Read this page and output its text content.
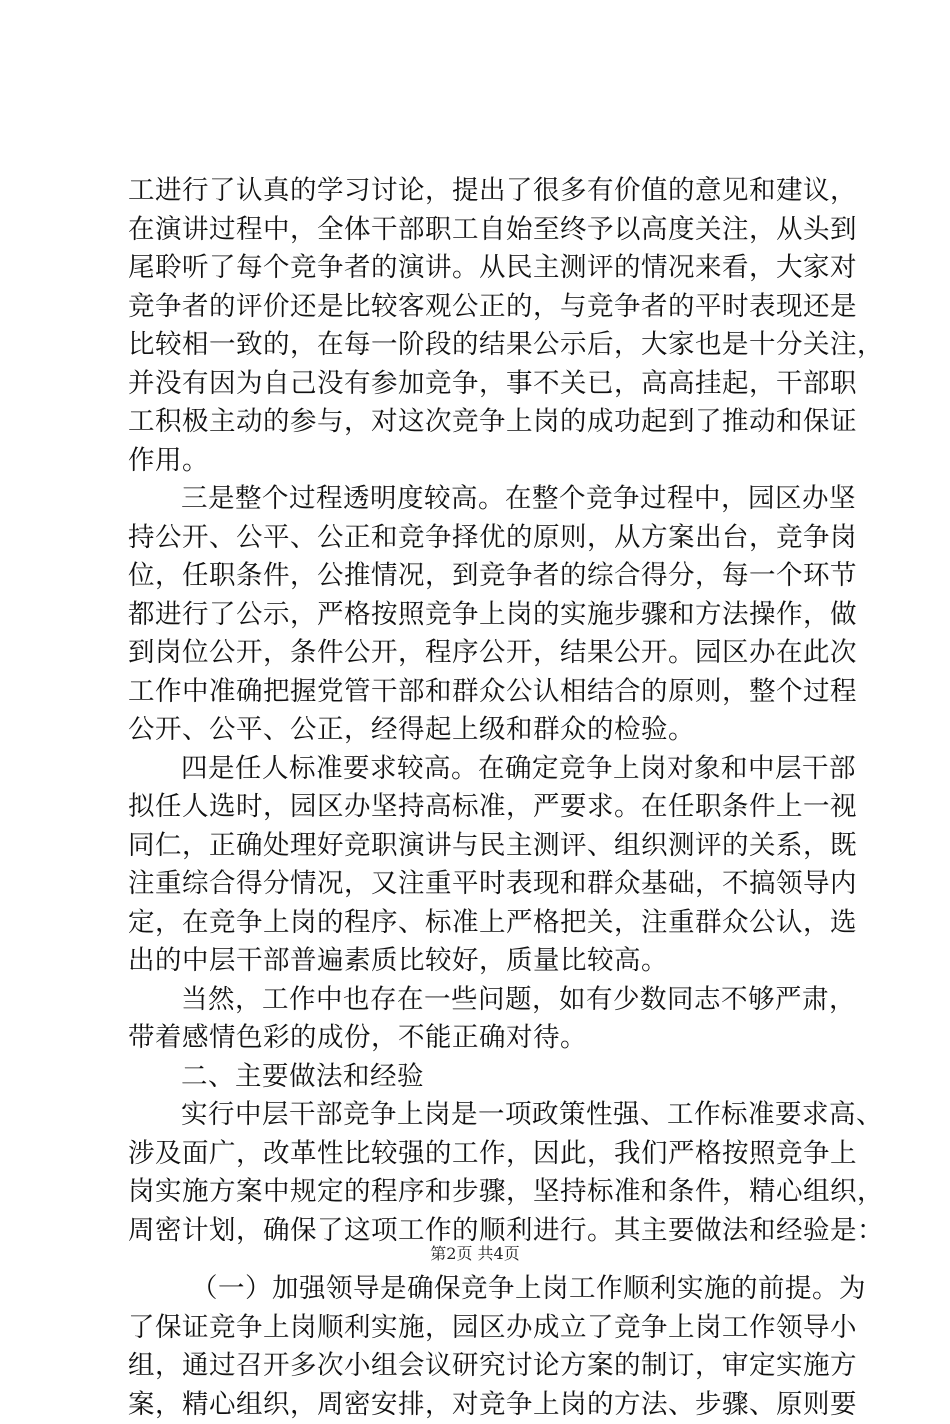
工进行了认真的学习讨论，提出了很多有价值的意见和建议，
在演讲过程中，全体干部职工自始至终予以高度关注，从头到
尾聆听了每个竞争者的演讲。从民主测评的情况来看，大家对
竞争者的评价还是比较客观公正的，与竞争者的平时表现还是
比较相一致的，在每一阶段的结果公示后，大家也是十分关注，
并没有因为自己没有参加竞争，事不关已，高高挂起，干部职
工积极主动的参与，对这次竞争上岗的成功起到了推动和保证
作用。
三是整个过程透明度较高。在整个竞争过程中，园区办坚
持公开、公平、公正和竞争择优的原则，从方案出台，竞争岗
位，任职条件，公推情况，到竞争者的综合得分，每一个环节
都进行了公示，严格按照竞争上岗的实施步骤和方法操作，做
到岗位公开，条件公开，程序公开，结果公开。园区办在此次
工作中准确把握党管干部和群众公认相结合的原则，整个过程
公开、公平、公正，经得起上级和群众的检验。
四是任人标准要求较高。在确定竞争上岗对象和中层干部
拟任人选时，园区办坚持高标准，严要求。在任职条件上一视
同仁，正确处理好竞职演讲与民主测评、组织测评的关系，既
注重综合得分情况，又注重平时表现和群众基础，不搞领导内
定，在竞争上岗的程序、标准上严格把关，注重群众公认，选
出的中层干部普遍素质比较好，质量比较高。
当然，工作中也存在一些问题，如有少数同志不够严肃，
带着感情色彩的成份，不能正确对待。
二、主要做法和经验
实行中层干部竞争上岗是一项政策性强、工作标准要求高、
涉及面广，改革性比较强的工作，因此，我们严格按照竞争上
岗实施方案中规定的程序和步骤，坚持标准和条件，精心组织，
周密计划，确保了这项工作的顺利进行。其主要做法和经验是：
（一）加强领导是确保竞争上岗工作顺利实施的前提。为
了保证竞争上岗顺利实施，园区办成立了竞争上岗工作领导小
组，通过召开多次小组会议研究讨论方案的制订，审定实施方
案，精心组织，周密安排，对竞争上岗的方法、步骤、原则要
第2页 共4页
